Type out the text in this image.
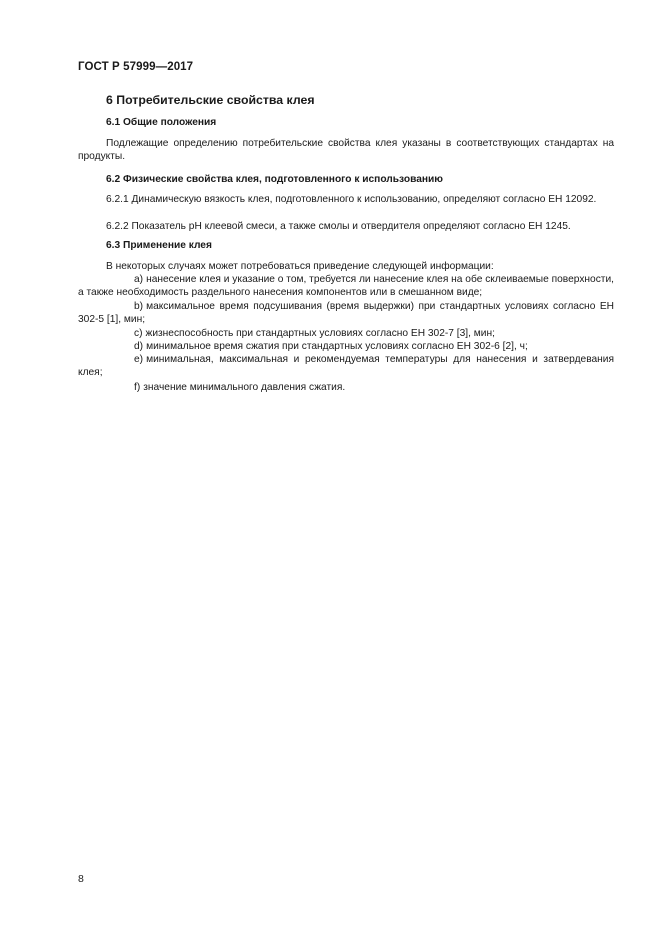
ГОСТ Р 57999—2017
6 Потребительские свойства клея
6.1 Общие положения
Подлежащие определению потребительские свойства клея указаны в соответствующих стандартах на продукты.
6.2 Физические свойства клея, подготовленного к использованию
6.2.1 Динамическую вязкость клея, подготовленного к использованию, определяют согласно ЕН 12092.
6.2.2 Показатель рН клеевой смеси, а также смолы и отвердителя определяют согласно ЕН 1245.
6.3 Применение клея
В некоторых случаях может потребоваться приведение следующей информации:
a) нанесение клея и указание о том, требуется ли нанесение клея на обе склеиваемые поверхности, а также необходимость раздельного нанесения компонентов или в смешанном виде;
b) максимальное время подсушивания (время выдержки) при стандартных условиях согласно ЕН 302-5 [1], мин;
c) жизнеспособность при стандартных условиях согласно ЕН 302-7 [3], мин;
d) минимальное время сжатия при стандартных условиях согласно ЕН 302-6 [2], ч;
e) минимальная, максимальная и рекомендуемая температуры для нанесения и затвердевания клея;
f) значение минимального давления сжатия.
8
